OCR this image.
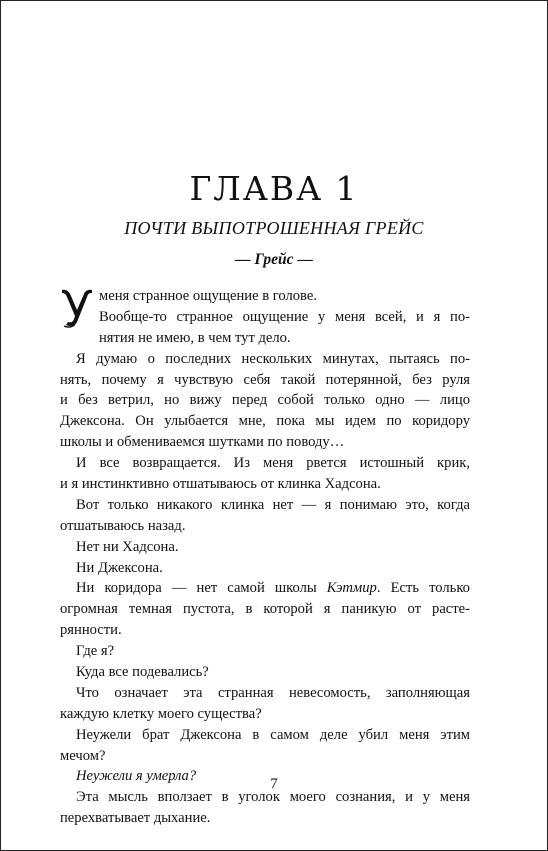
ГЛАВА 1
ПОЧТИ ВЫПОТРОШЕННАЯ ГРЕЙС
— Грейс —
меня странное ощущение в голове.
Вообще-то странное ощущение у меня всей, и я по-
нятия не имею, в чем тут дело.
Я думаю о последних нескольких минутах, пытаясь по-
нять, почему я чувствую себя такой потерянной, без руля
и без ветрил, но вижу перед собой только одно — лицо
Джексона. Он улыбается мне, пока мы идем по коридору
школы и обмениваемся шутками по поводу…
И все возвращается. Из меня рвется истошный крик,
и я инстинктивно отшатываюсь от клинка Хадсона.
Вот только никакого клинка нет — я понимаю это, когда
отшатываюсь назад.
Нет ни Хадсона.
Ни Джексона.
Ни коридора — нет самой школы Кэтмир. Есть только
огромная темная пустота, в которой я паникую от расте-
рянности.
Где я?
Куда все подевались?
Что означает эта странная невесомость, заполняющая
каждую клетку моего существа?
Неужели брат Джексона в самом деле убил меня этим
мечом?
Неужели я умерла?
Эта мысль вползает в уголок моего сознания, и у меня
перехватывает дыхание.
7
